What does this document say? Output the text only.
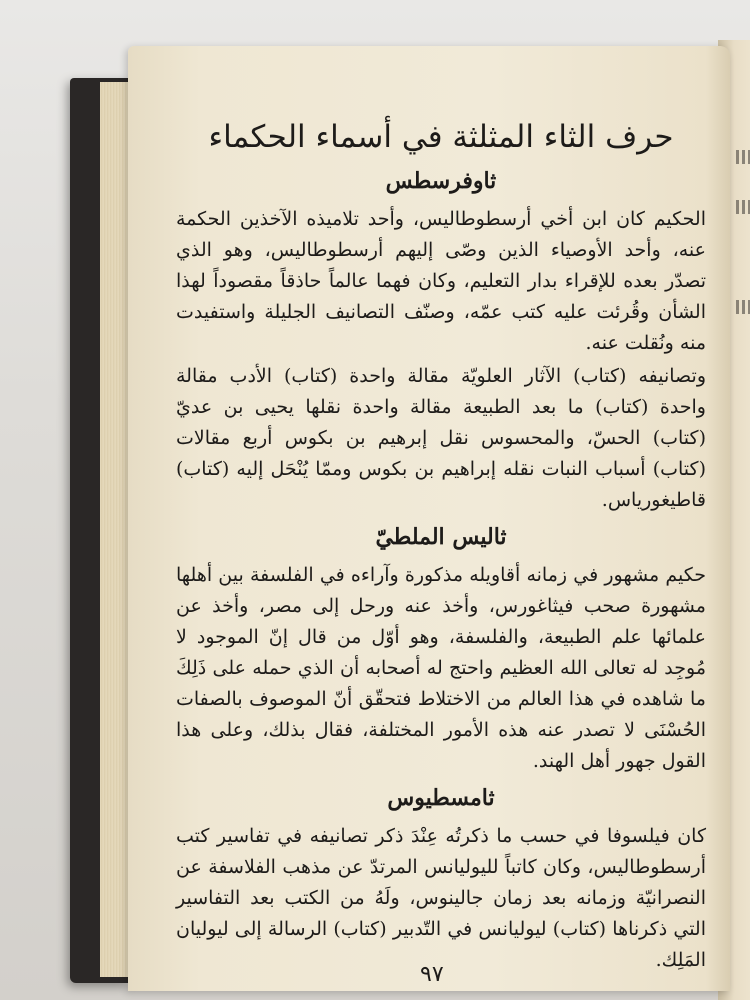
حرف الثاء المثلثة في أسماء الحكماء
ثاوفرسطس

الحكيم كان ابن أخي أرسطوطاليس، وأحد تلاميذه الآخذين الحكمة عنه، وأحد الأوصياء الذين وصّى إليهم أرسطوطاليس، وهو الذي تصدّر بعده للإقراء بدار التعليم، وكان فهما عالماً حاذقاً مقصوداً لهذا الشأن وقُرئت عليه كتب عمّه، وصنّف التصانيف الجليلة واستفيدت منه ونُقلت عنه.

وتصانيفه (كتاب) الآثار العلويّة مقالة واحدة (كتاب) الأدب مقالة واحدة (كتاب) ما بعد الطبيعة مقالة واحدة نقلها يحيى بن عديّ (كتاب) الحسّ، والمحسوس نقل إبرهيم بن بكوس أربع مقالات (كتاب) أسباب النبات نقله إبراهيم بن بكوس وممّا يُنْحَل إليه (كتاب) قاطيغورياس.

ثاليس الملطيّ

حكيم مشهور في زمانه أقاويله مذكورة وآراءه في الفلسفة بين أهلها مشهورة صحب فيثاغورس، وأخذ عنه ورحل إلى مصر، وأخذ عن علمائها علم الطبيعة، والفلسفة، وهو أوّل من قال إنّ الموجود لا مُوجِد له تعالى الله العظيم واحتج له أصحابه أن الذي حمله على ذَلِكَ ما شاهده في هذا العالم من الاختلاط فتحقّق أنّ الموصوف بالصفات الحُسْنَى لا تصدر عنه هذه الأمور المختلفة، فقال بذلك، وعلى هذا القول جهور أهل الهند.

ثامسطيوس

كان فيلسوفا في حسب ما ذكرتُه عِنْدَ ذكر تصانيفه في تفاسير كتب أرسطوطاليس، وكان كاتباً لليوليانس المرتدّ عن مذهب الفلاسفة عن النصرانيّة وزمانه بعد زمان جالينوس، ولَهُ من الكتب بعد التفاسير التي ذكرناها (كتاب) ليوليانس في التّدبير (كتاب) الرسالة إلى ليوليان المَلِك.

٩٧
